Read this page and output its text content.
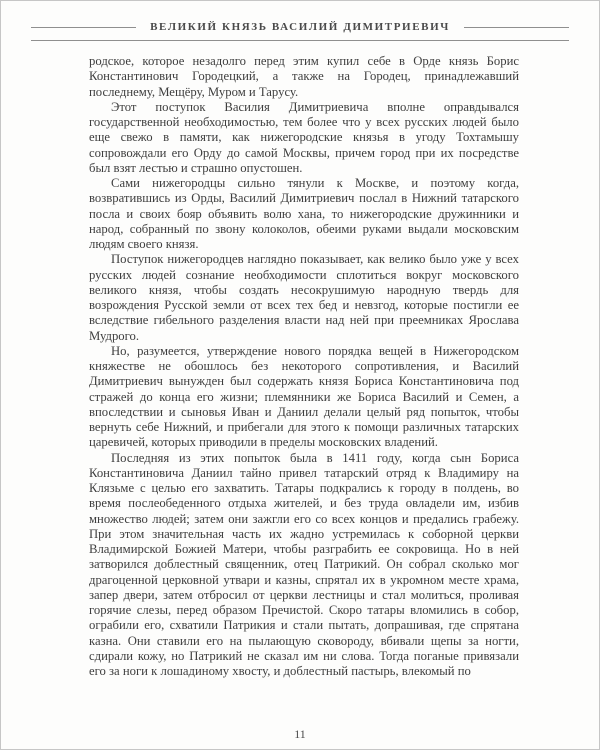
ВЕЛИКИЙ КНЯЗЬ ВАСИЛИЙ ДИМИТРИЕВИЧ

родское, которое незадолго перед этим купил себе в Орде князь Борис Константинович Городецкий, а также на Городец, принадлежавший последнему, Мещёру, Муром и Тарусу.

Этот поступок Василия Димитриевича вполне оправдывался государственной необходимостью, тем более что у всех русских людей было еще свежо в памяти, как нижегородские князья в угоду Тохтамышу сопровождали его Орду до самой Москвы, причем город при их посредстве был взят лестью и страшно опустошен.

Сами нижегородцы сильно тянули к Москве, и поэтому когда, возвратившись из Орды, Василий Димитриевич послал в Нижний татарского посла и своих бояр объявить волю хана, то нижегородские дружинники и народ, собранный по звону колоколов, обеими руками выдали московским людям своего князя.

Поступок нижегородцев наглядно показывает, как велико было уже у всех русских людей сознание необходимости сплотиться вокруг московского великого князя, чтобы создать несокрушимую народную твердь для возрождения Русской земли от всех тех бед и невзгод, которые постигли ее вследствие гибельного разделения власти над ней при преемниках Ярослава Мудрого.

Но, разумеется, утверждение нового порядка вещей в Нижегородском княжестве не обошлось без некоторого сопротивления, и Василий Димитриевич вынужден был содержать князя Бориса Константиновича под стражей до конца его жизни; племянники же Бориса Василий и Семен, а впоследствии и сыновья Иван и Даниил делали целый ряд попыток, чтобы вернуть себе Нижний, и прибегали для этого к помощи различных татарских царевичей, которых приводили в пределы московских владений.

Последняя из этих попыток была в 1411 году, когда сын Бориса Константиновича Даниил тайно привел татарский отряд к Владимиру на Клязьме с целью его захватить. Татары подкрались к городу в полдень, во время послеобеденного отдыха жителей, и без труда овладели им, избив множество людей; затем они зажгли его со всех концов и предались грабежу. При этом значительная часть их жадно устремилась к соборной церкви Владимирской Божией Матери, чтобы разграбить ее сокровища. Но в ней затворился доблестный священник, отец Патрикий. Он собрал сколько мог драгоценной церковной утвари и казны, спрятал их в укромном месте храма, запер двери, затем отбросил от церкви лестницы и стал молиться, проливая горячие слезы, перед образом Пречистой. Скоро татары вломились в собор, ограбили его, схватили Патрикия и стали пытать, допрашивая, где спрятана казна. Они ставили его на пылающую сковороду, вбивали щепы за ногти, сдирали кожу, но Патрикий не сказал им ни слова. Тогда поганые привязали его за ноги к лошадиному хвосту, и доблестный пастырь, влекомый по

11
